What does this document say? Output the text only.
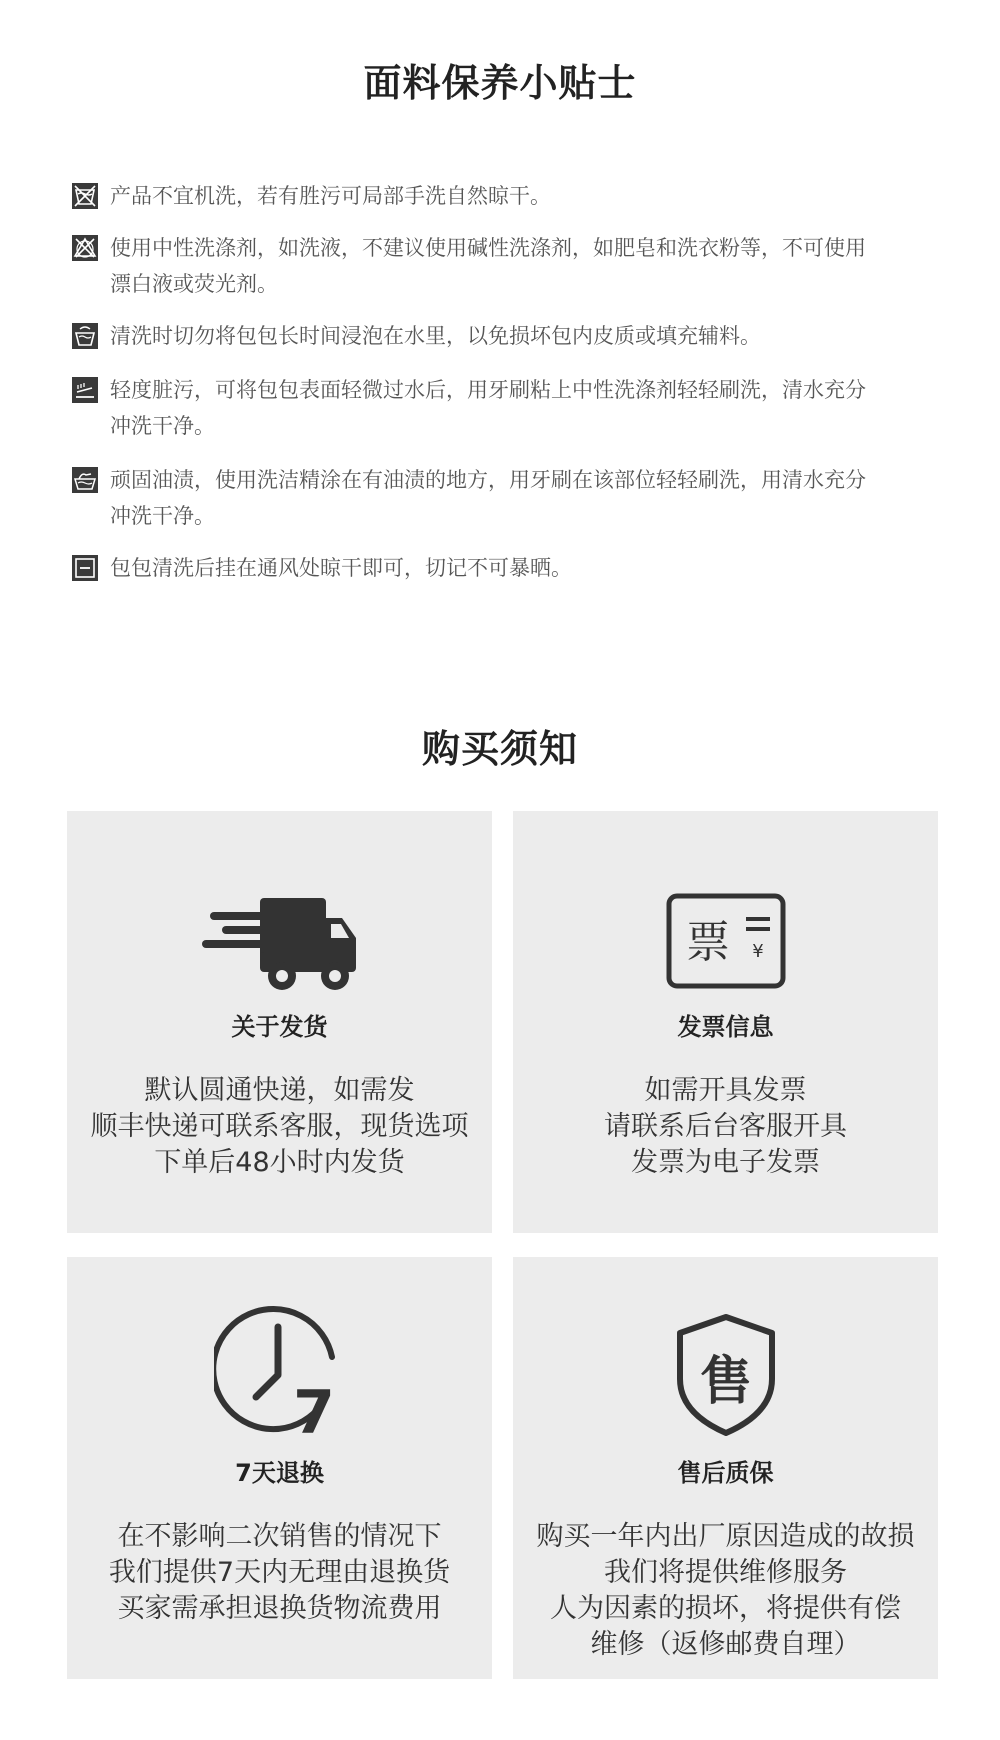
面料保养小贴士
产品不宜机洗，若有胜污可局部手洗自然晾干。
使用中性洗涤剂，如洗液，不建议使用碱性洗涤剂，如肥皂和洗衣粉等，不可使用
漂白液或荧光剂。
清洗时切勿将包包长时间浸泡在水里，以免损坏包内皮质或填充辅料。
轻度脏污，可将包包表面轻微过水后，用牙刷粘上中性洗涤剂轻轻刷洗，清水充分
冲洗干净。
顽固油渍，使用洗洁精涂在有油渍的地方，用牙刷在该部位轻轻刷洗，用清水充分
冲洗干净。
包包清洗后挂在通风处晾干即可，切记不可暴晒。
购买须知
关于发货
默认圆通快递，如需发
顺丰快递可联系客服，现货选项
下单后48小时内发货
票 ¥
发票信息
如需开具发票
请联系后台客服开具
发票为电子发票
7
7天退换
在不影响二次销售的情况下
我们提供7天内无理由退换货
买家需承担退换货物流费用
售
售后质保
购买一年内出厂原因造成的故损
我们将提供维修服务
人为因素的损坏，将提供有偿
维修（返修邮费自理）
